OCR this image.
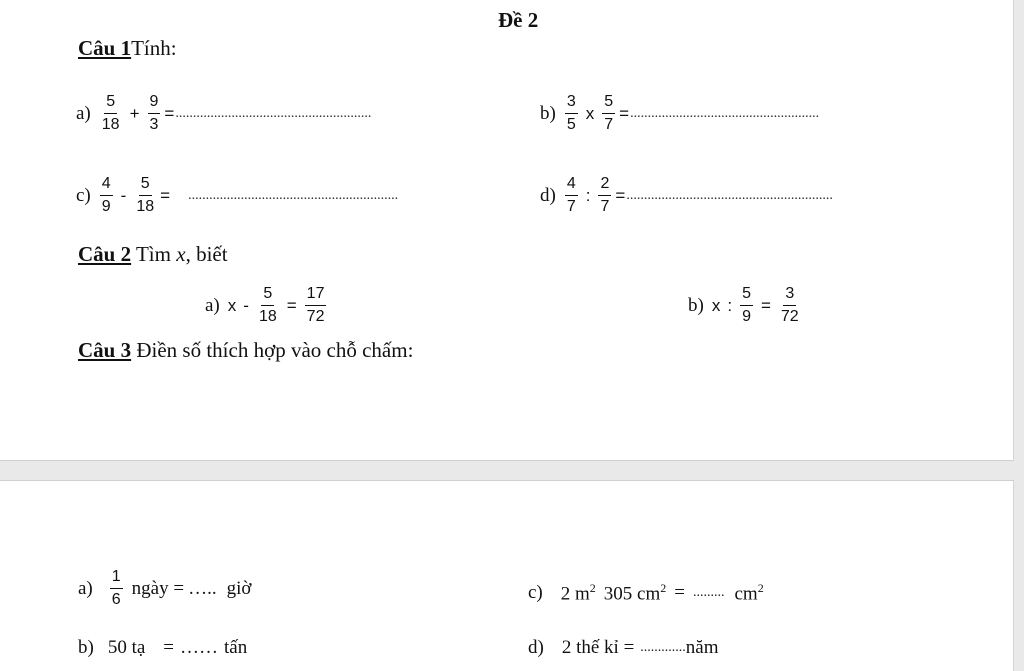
Đề 2
Câu 1Tính:
$a) \frac{5}{18} + \frac{9}{3}$ = ........................................................	$b) \frac{3}{5}$ x $\frac{5}{7}$ = ......................................................
$c) \frac{4}{9} - \frac{5}{18}$ = ............................................................	$d) \frac{4}{7}$ : $\frac{2}{7}$ = ...........................................................
Câu 2 Tìm x, biết
a) $x - \frac{5}{18} = \frac{17}{72}$	b) x : $\frac{5}{9} = \frac{3}{72}$
Câu 3 Điền số thích hợp vào chỗ chấm:
$a) \frac{1}{6}$ ngày = ….. giờ
b) 50 tạ = …… tấn
c) 2 $m^2$ 305 $cm^2$ = ......... $cm^2$
d) 2 thế kỉ = ............. năm
